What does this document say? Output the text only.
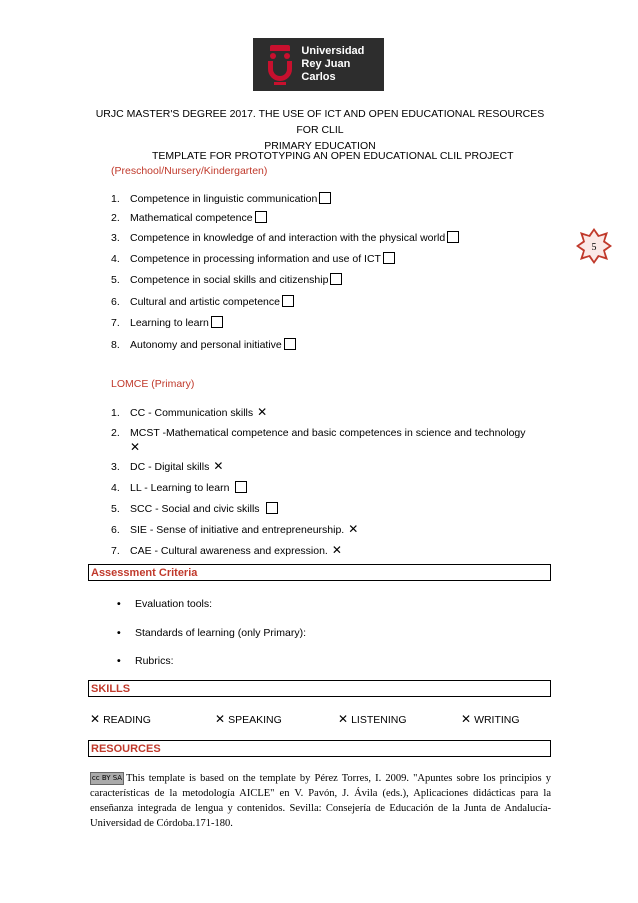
Universidad
Rey Juan Carlos
URJC MASTER'S DEGREE 2017. THE USE OF ICT AND OPEN EDUCATIONAL RESOURCES FOR CLIL
PRIMARY EDUCATION
TEMPLATE FOR PROTOTYPING AN OPEN EDUCATIONAL CLIL PROJECT
(Preschool/Nursery/Kindergarten)
5
1. Competence in linguistic communication
2. Mathematical competence
3. Competence in knowledge of and interaction with the physical world
4. Competence in processing information and use of ICT
5. Competence in social skills and citizenship
6. Cultural and artistic competence
7. Learning to learn
8. Autonomy and personal initiative
LOMCE (Primary)
1. CC - Communication skills ✕
2. MCST -Mathematical competence and basic competences in science and technology
✕
3. DC - Digital skills ✕
4. LL - Learning to learn
5. SCC - Social and civic skills
6. SIE - Sense of initiative and entrepreneurship. ✕
7. CAE - Cultural awareness and expression. ✕
Assessment Criteria
• Evaluation tools:
• Standards of learning (only Primary):
• Rubrics:
SKILLS
✕ READING	✕ SPEAKING	✕ LISTENING	✕ WRITING
RESOURCES
This template is based on the template by Pérez Torres, I. 2009. "Apuntes sobre los principios y características de la metodología AICLE" en V. Pavón, J. Ávila (eds.), Aplicaciones didácticas para la enseñanza integrada de lengua y contenidos. Sevilla: Consejería de Educación de la Junta de Andalucía-Universidad de Córdoba.171-180.
cc BY SA
